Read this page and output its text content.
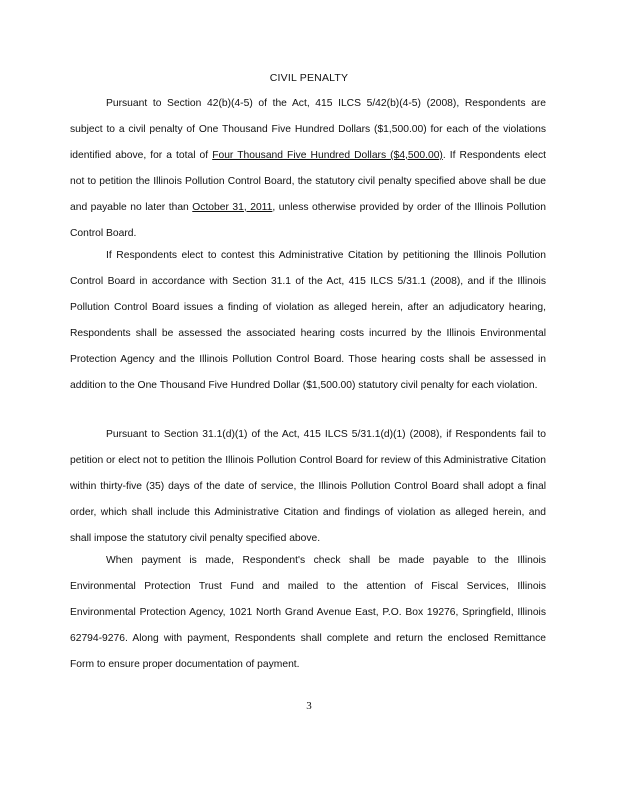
CIVIL PENALTY

Pursuant to Section 42(b)(4-5) of the Act, 415 ILCS 5/42(b)(4-5) (2008), Respondents are subject to a civil penalty of One Thousand Five Hundred Dollars ($1,500.00) for each of the violations identified above, for a total of Four Thousand Five Hundred Dollars ($4,500.00). If Respondents elect not to petition the Illinois Pollution Control Board, the statutory civil penalty specified above shall be due and payable no later than October 31, 2011, unless otherwise provided by order of the Illinois Pollution Control Board.

If Respondents elect to contest this Administrative Citation by petitioning the Illinois Pollution Control Board in accordance with Section 31.1 of the Act, 415 ILCS 5/31.1 (2008), and if the Illinois Pollution Control Board issues a finding of violation as alleged herein, after an adjudicatory hearing, Respondents shall be assessed the associated hearing costs incurred by the Illinois Environmental Protection Agency and the Illinois Pollution Control Board. Those hearing costs shall be assessed in addition to the One Thousand Five Hundred Dollar ($1,500.00) statutory civil penalty for each violation.

Pursuant to Section 31.1(d)(1) of the Act, 415 ILCS 5/31.1(d)(1) (2008), if Respondents fail to petition or elect not to petition the Illinois Pollution Control Board for review of this Administrative Citation within thirty-five (35) days of the date of service, the Illinois Pollution Control Board shall adopt a final order, which shall include this Administrative Citation and findings of violation as alleged herein, and shall impose the statutory civil penalty specified above.

When payment is made, Respondent's check shall be made payable to the Illinois Environmental Protection Trust Fund and mailed to the attention of Fiscal Services, Illinois Environmental Protection Agency, 1021 North Grand Avenue East, P.O. Box 19276, Springfield, Illinois 62794-9276. Along with payment, Respondents shall complete and return the enclosed Remittance Form to ensure proper documentation of payment.

3
